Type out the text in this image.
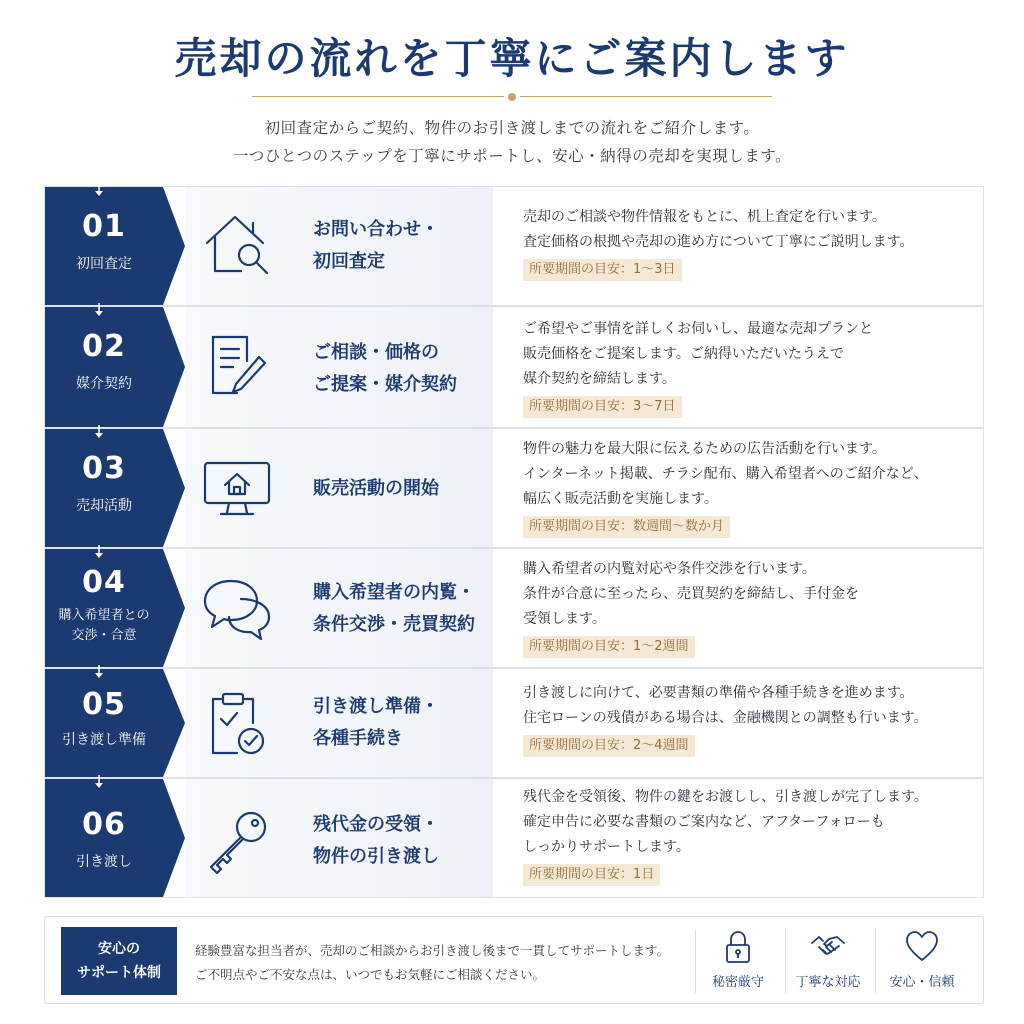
売却の流れを丁寧にご案内します
初回査定からご契約、物件のお引き渡しまでの流れをご紹介します。
一つひとつのステップを丁寧にサポートし、安心・納得の売却を実現します。
01
初回査定
お問い合わせ・
初回査定
売却のご相談や物件情報をもとに、机上査定を行います。
査定価格の根拠や売却の進め方について丁寧にご説明します。
所要期間の目安：1〜3日
02
媒介契約
ご相談・価格の
ご提案・媒介契約
ご希望やご事情を詳しくお伺いし、最適な売却プランと
販売価格をご提案します。ご納得いただいたうえで
媒介契約を締結します。
所要期間の目安：3〜7日
03
売却活動
販売活動の開始
物件の魅力を最大限に伝えるための広告活動を行います。
インターネット掲載、チラシ配布、購入希望者へのご紹介など、
幅広く販売活動を実施します。
所要期間の目安：数週間〜数か月
04
購入希望者との
交渉・合意
購入希望者の内覧・
条件交渉・売買契約
購入希望者の内覧対応や条件交渉を行います。
条件が合意に至ったら、売買契約を締結し、手付金を
受領します。
所要期間の目安：1〜2週間
05
引き渡し準備
引き渡し準備・
各種手続き
引き渡しに向けて、必要書類の準備や各種手続きを進めます。
住宅ローンの残債がある場合は、金融機関との調整も行います。
所要期間の目安：2〜4週間
06
引き渡し
残代金の受領・
物件の引き渡し
残代金を受領後、物件の鍵をお渡しし、引き渡しが完了します。
確定申告に必要な書類のご案内など、アフターフォローも
しっかりサポートします。
所要期間の目安：1日
安心の
サポート体制
経験豊富な担当者が、売却のご相談からお引き渡し後まで一貫してサポートします。
ご不明点やご不安な点は、いつでもお気軽にご相談ください。
秘密厳守	丁寧な対応	安心・信頼
